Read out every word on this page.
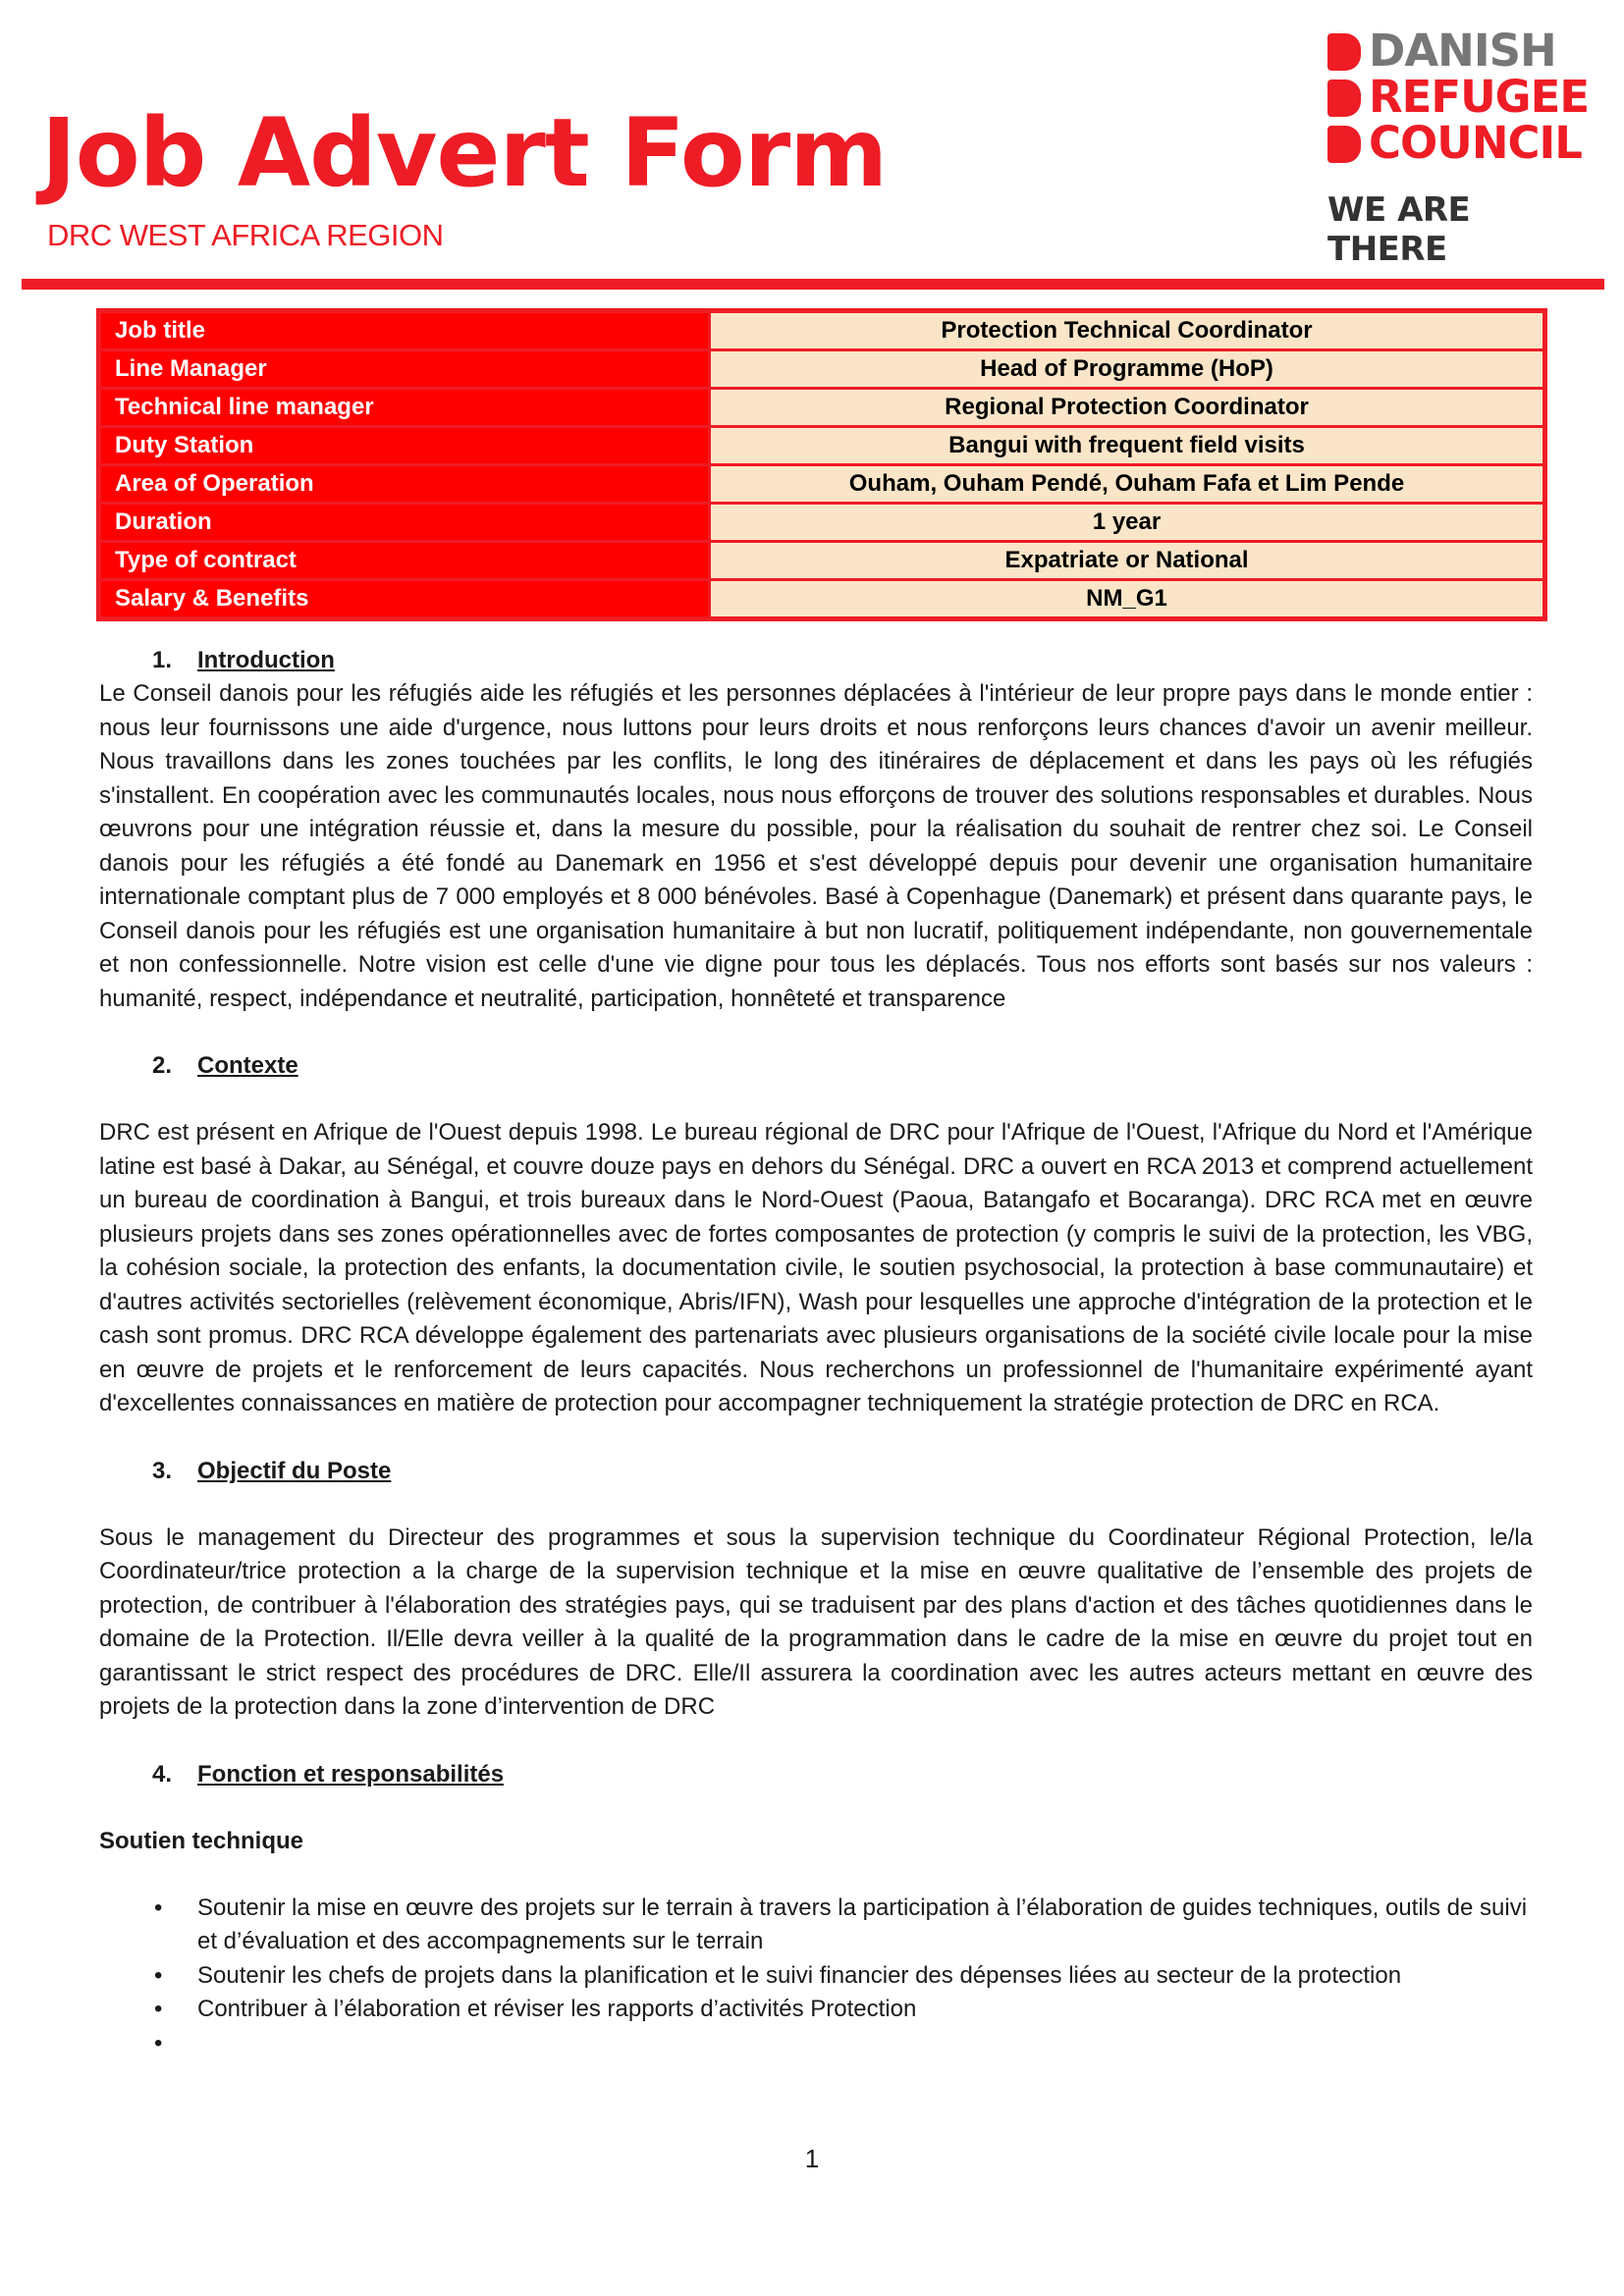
Job Advert Form
DRC WEST AFRICA REGION
DANISH
REFUGEE
COUNCIL
WE ARE THERE
Job title	Protection Technical Coordinator
Line Manager	Head of Programme (HoP)
Technical line manager	Regional Protection Coordinator
Duty Station	Bangui with frequent field visits
Area of Operation	Ouham, Ouham Pendé, Ouham Fafa et Lim Pende
Duration	1 year
Type of contract	Expatriate or National
Salary & Benefits	NM_G1
1. Introduction

Le Conseil danois pour les réfugiés aide les réfugiés et les personnes déplacées à l'intérieur de leur propre pays dans le monde entier : nous leur fournissons une aide d'urgence, nous luttons pour leurs droits et nous renforçons leurs chances d'avoir un avenir meilleur. Nous travaillons dans les zones touchées par les conflits, le long des itinéraires de déplacement et dans les pays où les réfugiés s'installent. En coopération avec les communautés locales, nous nous efforçons de trouver des solutions responsables et durables. Nous œuvrons pour une intégration réussie et, dans la mesure du possible, pour la réalisation du souhait de rentrer chez soi. Le Conseil danois pour les réfugiés a été fondé au Danemark en 1956 et s'est développé depuis pour devenir une organisation humanitaire internationale comptant plus de 7 000 employés et 8 000 bénévoles. Basé à Copenhague (Danemark) et présent dans quarante pays, le Conseil danois pour les réfugiés est une organisation humanitaire à but non lucratif, politiquement indépendante, non gouvernementale et non confessionnelle. Notre vision est celle d'une vie digne pour tous les déplacés. Tous nos efforts sont basés sur nos valeurs : humanité, respect, indépendance et neutralité, participation, honnêteté et transparence

2. Contexte

DRC est présent en Afrique de l'Ouest depuis 1998. Le bureau régional de DRC pour l'Afrique de l'Ouest, l'Afrique du Nord et l'Amérique latine est basé à Dakar, au Sénégal, et couvre douze pays en dehors du Sénégal. DRC a ouvert en RCA 2013 et comprend actuellement un bureau de coordination à Bangui, et trois bureaux dans le Nord-Ouest (Paoua, Batangafo et Bocaranga). DRC RCA met en œuvre plusieurs projets dans ses zones opérationnelles avec de fortes composantes de protection (y compris le suivi de la protection, les VBG, la cohésion sociale, la protection des enfants, la documentation civile, le soutien psychosocial, la protection à base communautaire) et d'autres activités sectorielles (relèvement économique, Abris/IFN), Wash pour lesquelles une approche d'intégration de la protection et le cash sont promus. DRC RCA développe également des partenariats avec plusieurs organisations de la société civile locale pour la mise en œuvre de projets et le renforcement de leurs capacités. Nous recherchons un professionnel de l'humanitaire expérimenté ayant d'excellentes connaissances en matière de protection pour accompagner techniquement la stratégie protection de DRC en RCA.

3. Objectif du Poste

Sous le management du Directeur des programmes et sous la supervision technique du Coordinateur Régional Protection, le/la Coordinateur/trice protection a la charge de la supervision technique et la mise en œuvre qualitative de l’ensemble des projets de protection, de contribuer à l'élaboration des stratégies pays, qui se traduisent par des plans d'action et des tâches quotidiennes dans le domaine de la Protection. Il/Elle devra veiller à la qualité de la programmation dans le cadre de la mise en œuvre du projet tout en garantissant le strict respect des procédures de DRC. Elle/Il assurera la coordination avec les autres acteurs mettant en œuvre des projets de la protection dans la zone d’intervention de DRC

4. Fonction et responsabilités
Soutien technique
• Soutenir la mise en œuvre des projets sur le terrain à travers la participation à l’élaboration de guides techniques, outils de suivi et d’évaluation et des accompagnements sur le terrain
• Soutenir les chefs de projets dans la planification et le suivi financier des dépenses liées au secteur de la protection
• Contribuer à l’élaboration et réviser les rapports d’activités Protection
•
1
